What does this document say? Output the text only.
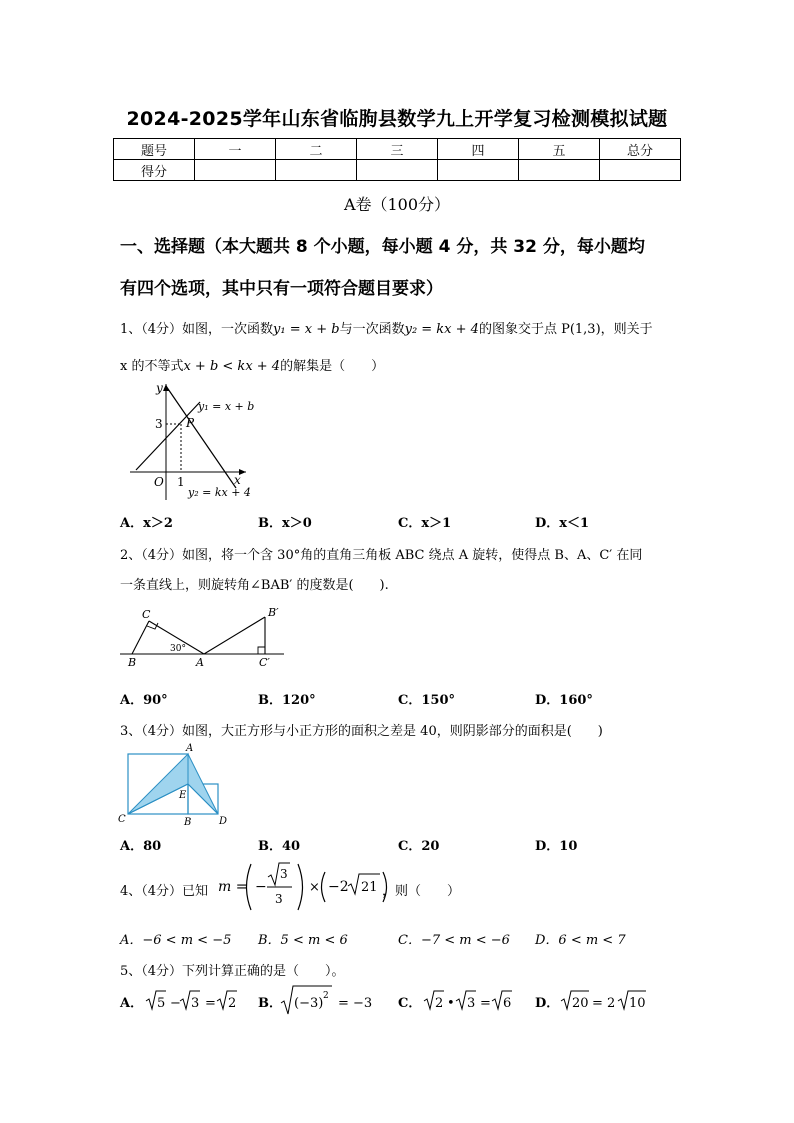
2024-2025学年山东省临朐县数学九上开学复习检测模拟试题
题号	一	二	三	四	五	总分
得分						
A卷（100分）
一、选择题（本大题共 8 个小题，每小题 4 分，共 32 分，每小题均
有四个选项，其中只有一项符合题目要求）
1、（4分）如图，一次函数y₁ = x + b与一次函数y₂ = kx + 4的图象交于点 P(1,3)，则关于
x 的不等式x + b < kx + 4的解集是（　　）
y
x
O
3
1
P
y₁ = x + b
y₂ = kx + 4
A．x＞2	B．x＞0	C．x＞1	D．x＜1
2、（4分）如图，将一个含 30°角的直角三角板 ABC 绕点 A 旋转，使得点 B、A、C′ 在同
一条直线上，则旋转角∠BAB′ 的度数是(　　).
C
B	A
B′
C′
30°
A．90°	B．120°	C．150°	D．160°
3、（4分）如图，大正方形与小正方形的面积之差是 40，则阴影部分的面积是(　　)
A
E
C	B	D
A．80	B．40	C．20	D．10
4、（4分）已知 m = −
3
3
× −2 21 ，则（　　）
A．−6 < m < −5 B．5 < m < 6	C．−7 < m < −6 D．6 < m < 7
5、（4分）下列计算正确的是（　　）。
A． 5 − 3 = 2 B． (−3) 2 = −3 C． 2 • 3 = 6 D． 20 = 2 10
